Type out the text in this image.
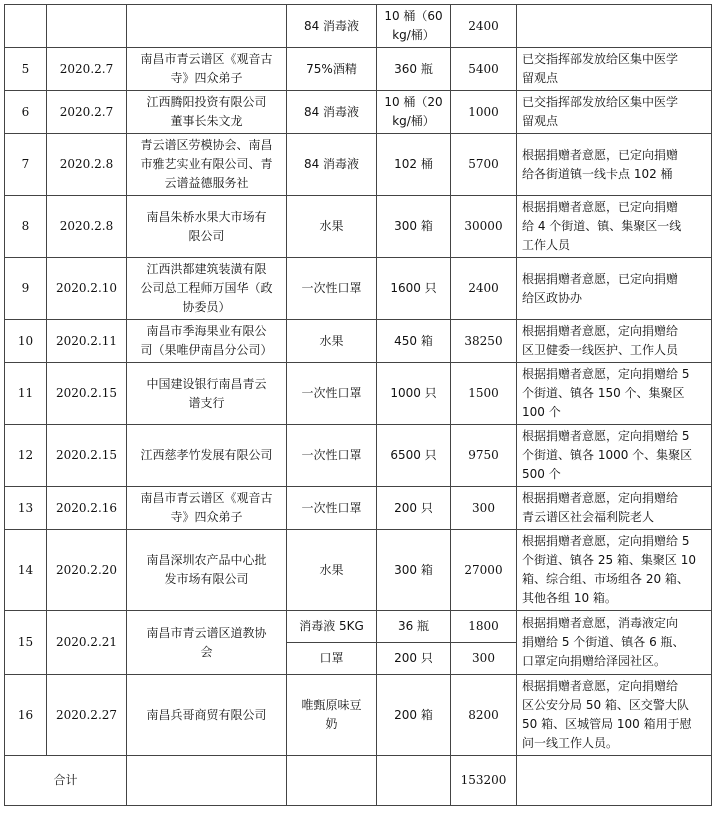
			84 消毒液	10 桶（60
kg/桶）	2400	
5	2020.2.7	南昌市青云谱区《观音古
寺》四众弟子	75%酒精	360 瓶	5400	已交指挥部发放给区集中医学
留观点

6	2020.2.7	江西腾阳投资有限公司
董事长朱文龙	84 消毒液	10 桶（20
kg/桶）	1000	已交指挥部发放给区集中医学
留观点

7	2020.2.8	青云谱区劳模协会、南昌
市雅艺实业有限公司、青
云谱益德服务社	84 消毒液	102 桶	5700	根据捐赠者意愿，已定向捐赠
给各街道镇一线卡点 102 桶

8	2020.2.8	南昌朱桥水果大市场有
限公司	水果	300 箱	30000	根据捐赠者意愿，已定向捐赠
给 4 个街道、镇、集聚区一线
工作人员

9	2020.2.10	江西洪都建筑装潢有限
公司总工程师万国华（政
协委员）	一次性口罩	1600 只	2400	根据捐赠者意愿，已定向捐赠
给区政协办

10	2020.2.11	南昌市季海果业有限公
司（果唯伊南昌分公司）	水果	450 箱	38250	根据捐赠者意愿，定向捐赠给
区卫健委一线医护、工作人员

11	2020.2.15	中国建设银行南昌青云
谱支行	一次性口罩	1000 只	1500	根据捐赠者意愿，定向捐赠给 5
个街道、镇各 150 个、集聚区
100 个

12	2020.2.15	江西慈孝竹发展有限公司	一次性口罩	6500 只	9750	根据捐赠者意愿，定向捐赠给 5
个街道、镇各 1000 个、集聚区
500 个

13	2020.2.16	南昌市青云谱区《观音古
寺》四众弟子	一次性口罩	200 只	300	根据捐赠者意愿，定向捐赠给
青云谱区社会福利院老人

14	2020.2.20	南昌深圳农产品中心批
发市场有限公司	水果	300 箱	27000	根据捐赠者意愿，定向捐赠给 5
个街道、镇各 25 箱、集聚区 10
箱、综合组、市场组各 20 箱、
其他各组 10 箱。

15	2020.2.21	南昌市青云谱区道教协
会	消毒液 5KG	36 瓶	1800	根据捐赠者意愿，消毒液定向
捐赠给 5 个街道、镇各 6 瓶、
口罩定向捐赠给泽园社区。

			口罩	200 只	300	
16	2020.2.27	南昌兵哥商贸有限公司	唯甄原味豆
奶	200 箱	8200	根据捐赠者意愿，定向捐赠给
区公安分局 50 箱、区交警大队
50 箱、区城管局 100 箱用于慰
问一线工作人员。

合计					153200	
